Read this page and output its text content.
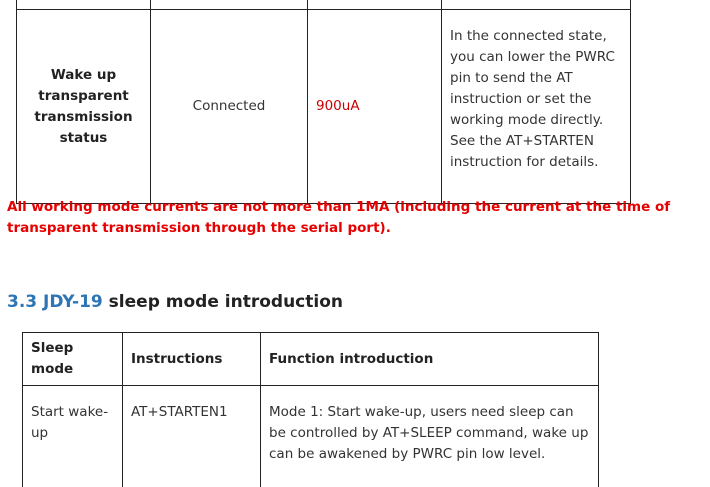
Wake up transparent transmission status	Connected	900uA	In the connected state, you can lower the PWRC pin to send the AT instruction or set the working mode directly. See the AT+STARTEN instruction for details.

All working mode currents are not more than 1MA (including the current at the time of transparent transmission through the serial port).

3.3 JDY-19 sleep mode introduction
Sleep mode	Instructions	Function introduction
Start wake-up	AT+STARTEN1	Mode 1: Start wake-up, users need sleep can be controlled by AT+SLEEP command, wake up can be awakened by PWRC pin low level.
